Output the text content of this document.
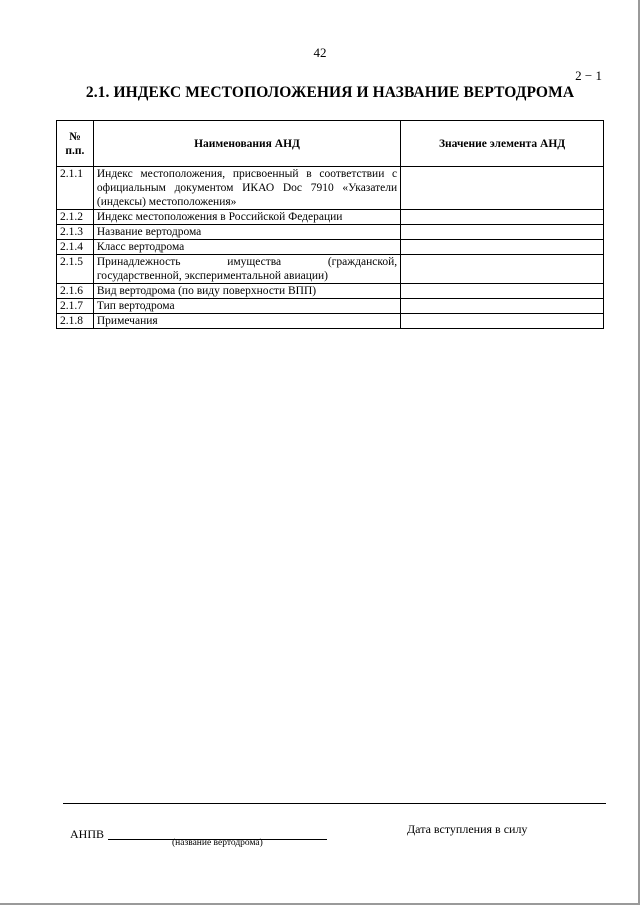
42
2 − 1
2.1. ИНДЕКС МЕСТОПОЛОЖЕНИЯ И НАЗВАНИЕ ВЕРТОДРОМА
№
п.п.	Наименования АНД	Значение элемента АНД
2.1.1	Индекс местоположения, присвоенный в соответствии с официальным документом ИКАО Doc 7910 «Указатели (индексы) местоположения»	
2.1.2	Индекс местоположения в Российской Федерации	
2.1.3	Название вертодрома	
2.1.4	Класс вертодрома	
2.1.5	Принадлежность имущества (гражданской, государственной, экспериментальной авиации)	
2.1.6	Вид вертодрома (по виду поверхности ВПП)	
2.1.7	Тип вертодрома	
2.1.8	Примечания	
АНПВ
(название вертодрома)
Дата вступления в силу
